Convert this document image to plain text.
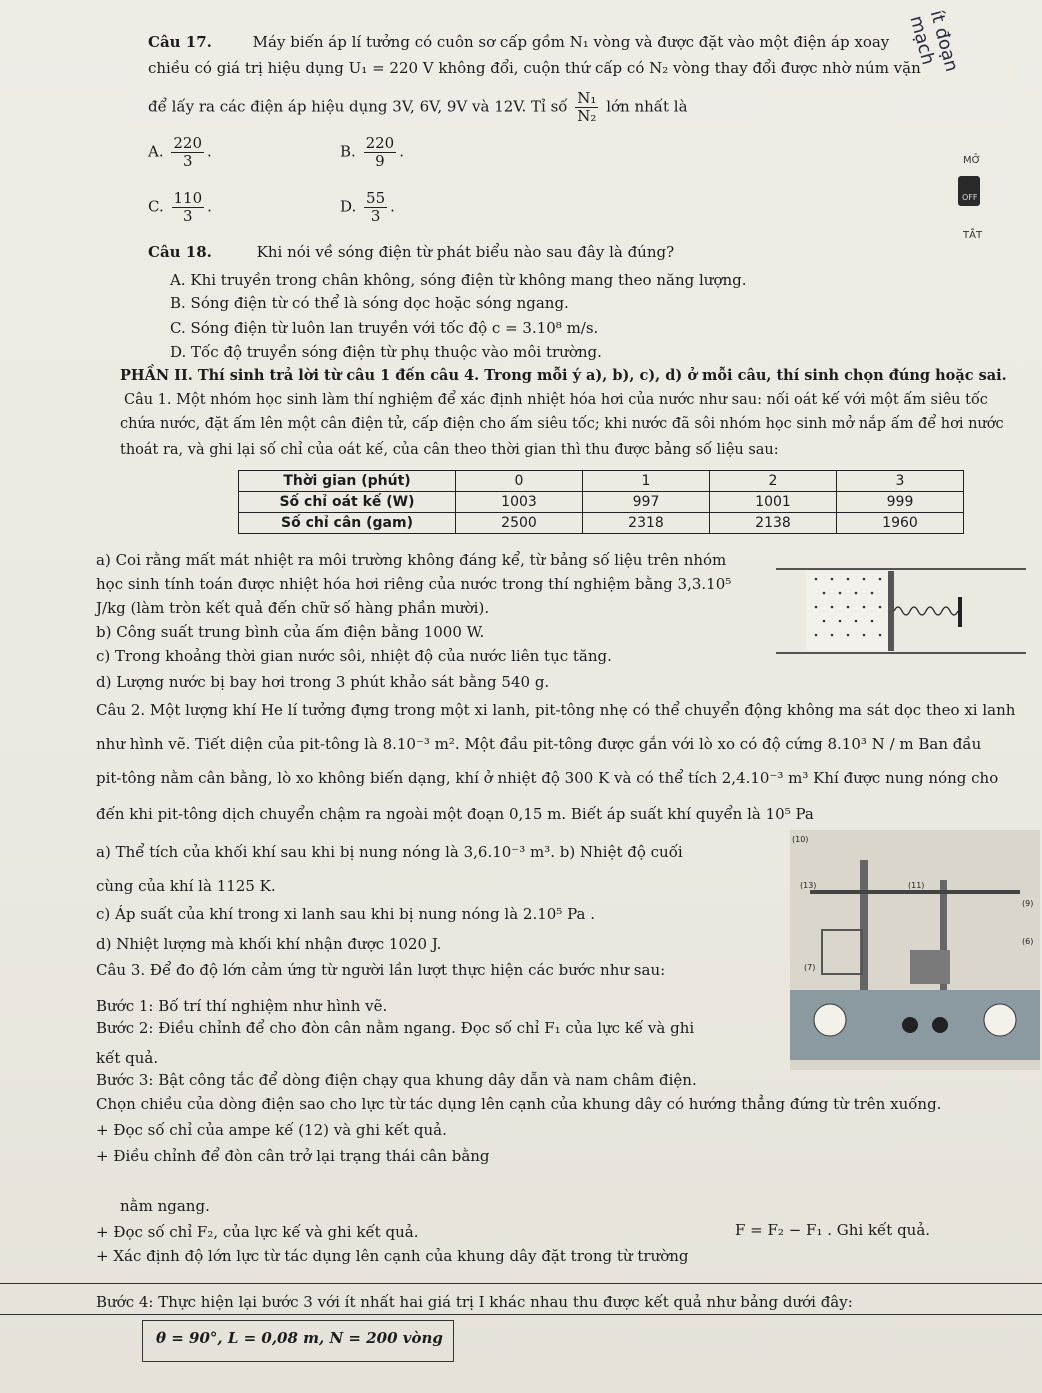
ít đoạn mạch
MỞ
OFF
TẮT
Câu 17.	Máy biến áp lí tưởng có cuôn sơ cấp gồm N₁ vòng và được đặt vào một điện áp xoay
chiều có giá trị hiệu dụng U₁ = 220 V không đổi, cuộn thứ cấp có N₂ vòng thay đổi được nhờ núm vặn
để lấy ra các điện áp hiệu dụng 3V, 6V, 9V và 12V. Tỉ số $\frac{\text{N₁}}{\text{N₂}}$ lớn nhất là
A. $\frac{220}{3}$ .	B. $\frac{220}{9}$ .
C. $\frac{110}{3}$ .	D. $\frac{55}{3}$ .
Câu 18.	Khi nói về sóng điện từ phát biểu nào sau đây là đúng?
A. Khi truyền trong chân không, sóng điện từ không mang theo năng lượng.
B. Sóng điện từ có thể là sóng dọc hoặc sóng ngang.
C. Sóng điện từ luôn lan truyền với tốc độ c = 3.10⁸ m/s.
D. Tốc độ truyền sóng điện từ phụ thuộc vào môi trường.
PHẦN II. Thí sinh trả lời từ câu 1 đến câu 4. Trong mỗi ý a), b), c), d) ở mỗi câu, thí sinh chọn đúng hoặc sai.
Câu 1. Một nhóm học sinh làm thí nghiệm để xác định nhiệt hóa hơi của nước như sau: nối oát kế với một ấm siêu tốc
chứa nước, đặt ấm lên một cân điện tử, cấp điện cho ấm siêu tốc; khi nước đã sôi nhóm học sinh mở nắp ấm để hơi nước
thoát ra, và ghi lại số chỉ của oát kế, của cân theo thời gian thì thu được bảng số liệu sau:
Thời gian (phút)	0	1	2	3
Số chỉ oát kế (W)	1003	997	1001	999
Số chỉ cân (gam)	2500	2318	2138	1960
a) Coi rằng mất mát nhiệt ra môi trường không đáng kể, từ bảng số liệu trên nhóm
học sinh tính toán được nhiệt hóa hơi riêng của nước trong thí nghiệm bằng 3,3.10⁵
J/kg (làm tròn kết quả đến chữ số hàng phần mười).
b) Công suất trung bình của ấm điện bằng 1000 W.
c) Trong khoảng thời gian nước sôi, nhiệt độ của nước liên tục tăng.
d) Lượng nước bị bay hơi trong 3 phút khảo sát bằng 540 g.
Câu 2. Một lượng khí He lí tưởng đựng trong một xi lanh, pit-tông nhẹ có thể chuyển động không ma sát dọc theo xi lanh
như hình vẽ. Tiết diện của pit-tông là 8.10⁻³ m². Một đầu pit-tông được gắn với lò xo có độ cứng 8.10³ N / m Ban đầu
pit-tông nằm cân bằng, lò xo không biến dạng, khí ở nhiệt độ 300 K và có thể tích 2,4.10⁻³ m³ Khí được nung nóng cho
đến khi pit-tông dịch chuyển chậm ra ngoài một đoạn 0,15 m. Biết áp suất khí quyển là 10⁵ Pa
a) Thể tích của khối khí sau khi bị nung nóng là 3,6.10⁻³ m³. b) Nhiệt độ cuối
cùng của khí là 1125 K.
c) Áp suất của khí trong xi lanh sau khi bị nung nóng là 2.10⁵ Pa .
d) Nhiệt lượng mà khối khí nhận được 1020 J.
Câu 3. Để đo độ lớn cảm ứng từ người lần lượt thực hiện các bước như sau:
Bước 1: Bố trí thí nghiệm như hình vẽ.
Bước 2: Điều chỉnh để cho đòn cân nằm ngang. Đọc số chỉ F₁ của lực kế và ghi
kết quả.
Bước 3: Bật công tắc để dòng điện chạy qua khung dây dẫn và nam châm điện.
Chọn chiều của dòng điện sao cho lực từ tác dụng lên cạnh của khung dây có hướng thẳng đứng từ trên xuống.
+ Đọc số chỉ của ampe kế (12) và ghi kết quả.
+ Điều chỉnh để đòn cân trở lại trạng thái cân bằng
nằm ngang.
+ Đọc số chỉ F₂, của lực kế và ghi kết quả.	F = F₂ − F₁ . Ghi kết quả.
+ Xác định độ lớn lực từ tác dụng lên cạnh của khung dây đặt trong từ trường
Bước 4: Thực hiện lại bước 3 với ít nhất hai giá trị I khác nhau thu được kết quả như bảng dưới đây:
θ = 90°, L = 0,08 m, N = 200 vòng
(10)
(13)	(11)
(9)
(6)
(7)
